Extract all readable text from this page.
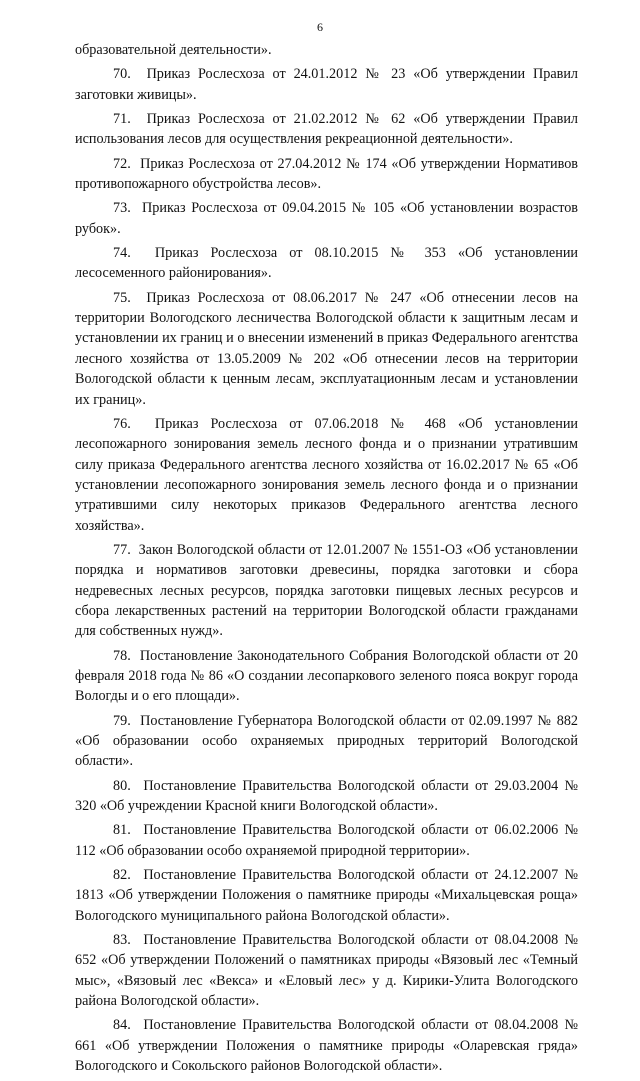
6

образовательной деятельности».

70. Приказ Рослесхоза от 24.01.2012 № 23 «Об утверждении Правил заготовки живицы».

71. Приказ Рослесхоза от 21.02.2012 № 62 «Об утверждении Правил использования лесов для осуществления рекреационной деятельности».

72. Приказ Рослесхоза от 27.04.2012 № 174 «Об утверждении Нормативов противопожарного обустройства лесов».

73. Приказ Рослесхоза от 09.04.2015 № 105 «Об установлении возрастов рубок».

74. Приказ Рослесхоза от 08.10.2015 № 353 «Об установлении лесосеменного районирования».

75. Приказ Рослесхоза от 08.06.2017 № 247 «Об отнесении лесов на территории Вологодского лесничества Вологодской области к защитным лесам и установлении их границ и о внесении изменений в приказ Федерального агентства лесного хозяйства от 13.05.2009 № 202 «Об отнесении лесов на территории Вологодской области к ценным лесам, эксплуатационным лесам и установлении их границ».

76. Приказ Рослесхоза от 07.06.2018 № 468 «Об установлении лесопожарного зонирования земель лесного фонда и о признании утратившим силу приказа Федерального агентства лесного хозяйства от 16.02.2017 № 65 «Об установлении лесопожарного зонирования земель лесного фонда и о признании утратившими силу некоторых приказов Федерального агентства лесного хозяйства».

77. Закон Вологодской области от 12.01.2007 № 1551-ОЗ «Об установлении порядка и нормативов заготовки древесины, порядка заготовки и сбора недревесных лесных ресурсов, порядка заготовки пищевых лесных ресурсов и сбора лекарственных растений на территории Вологодской области гражданами для собственных нужд».

78. Постановление Законодательного Собрания Вологодской области от 20 февраля 2018 года № 86 «О создании лесопаркового зеленого пояса вокруг города Вологды и о его площади».

79. Постановление Губернатора Вологодской области от 02.09.1997 № 882 «Об образовании особо охраняемых природных территорий Вологодской области».

80. Постановление Правительства Вологодской области от 29.03.2004 № 320 «Об учреждении Красной книги Вологодской области».

81. Постановление Правительства Вологодской области от 06.02.2006 № 112 «Об образовании особо охраняемой природной территории».

82. Постановление Правительства Вологодской области от 24.12.2007 № 1813 «Об утверждении Положения о памятнике природы «Михальцевская роща» Вологодского муниципального района Вологодской области».

83. Постановление Правительства Вологодской области от 08.04.2008 № 652 «Об утверждении Положений о памятниках природы «Вязовый лес «Темный мыс», «Вязовый лес «Векса» и «Еловый лес» у д. Кирики-Улита Вологодского района Вологодской области».

84. Постановление Правительства Вологодской области от 08.04.2008 № 661 «Об утверждении Положения о памятнике природы «Оларевская гряда» Вологодского и Сокольского районов Вологодской области».
